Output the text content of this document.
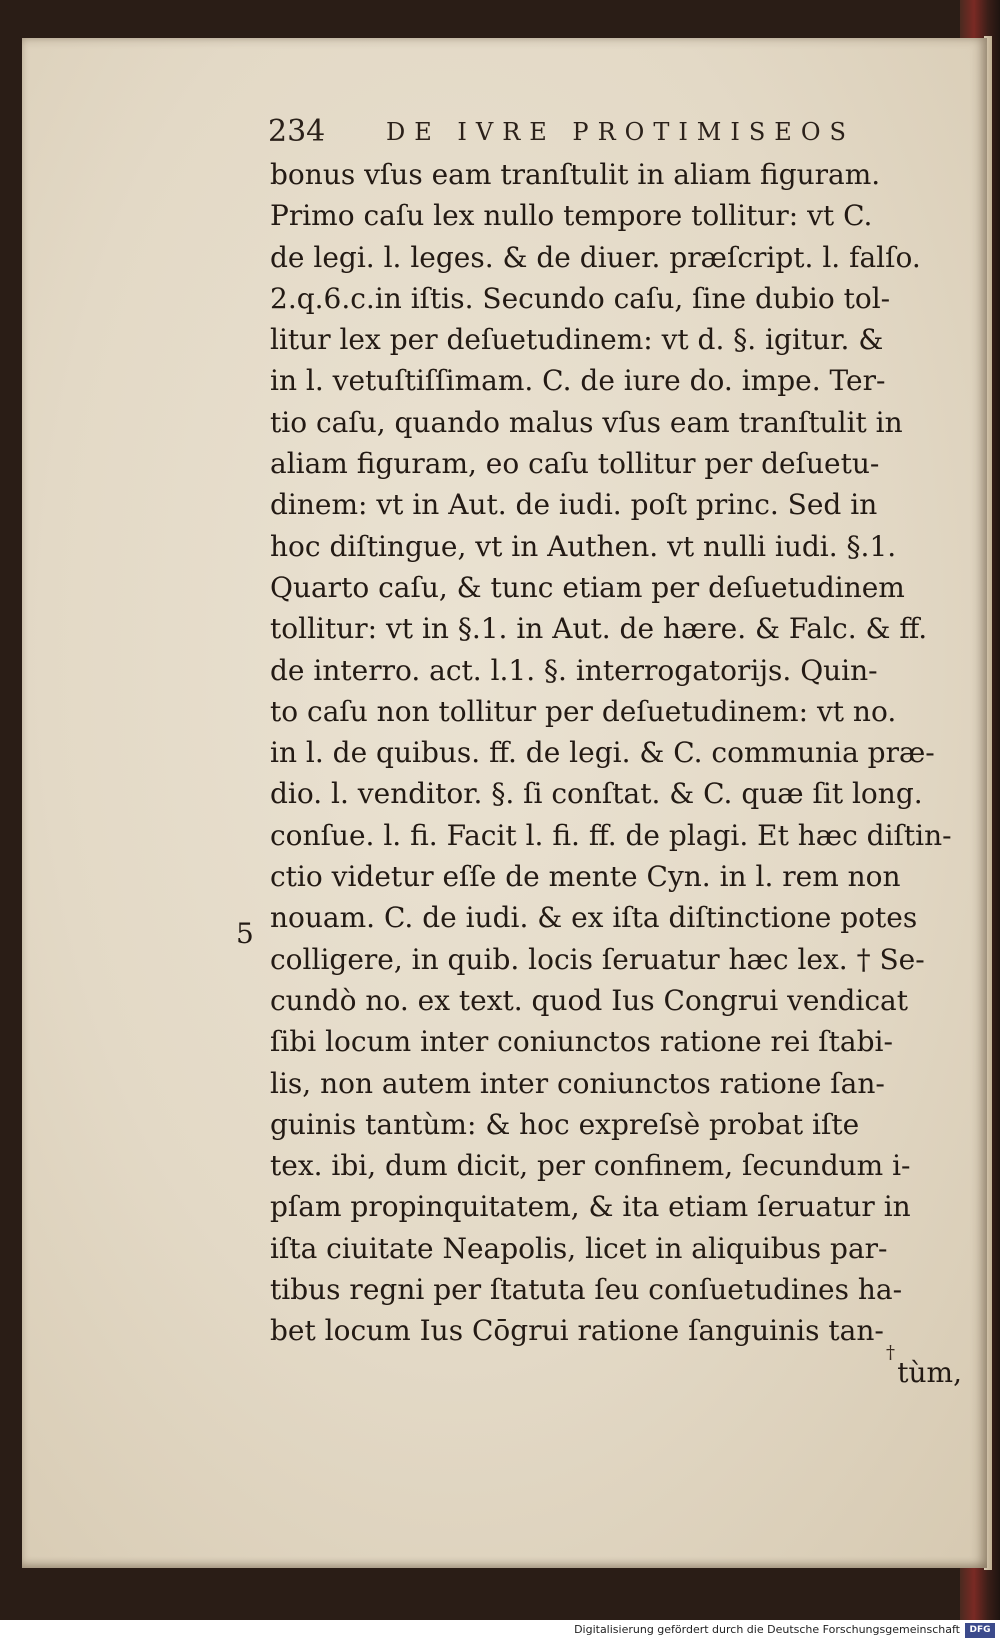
234	DE IVRE PROTIMISEOS
5
bonus vſus eam tranſtulit in aliam figuram.
Primo caſu lex nullo tempore tollitur: vt C.
de legi. l. leges. & de diuer. præſcript. l. falſo.
2.q.6.c.in iſtis. Secundo caſu, ſine dubio tol-
litur lex per deſuetudinem: vt d. §. igitur. &
in l. vetuſtiſſimam. C. de iure do. impe. Ter-
tio caſu, quando malus vſus eam tranſtulit in
aliam figuram, eo caſu tollitur per deſuetu-
dinem: vt in Aut. de iudi. poſt princ. Sed in
hoc diſtingue, vt in Authen. vt nulli iudi. §.1.
Quarto caſu, & tunc etiam per deſuetudinem
tollitur: vt in §.1. in Aut. de hære. & Falc. & ff.
de interro. act. l.1. §. interrogatorijs. Quin-
to caſu non tollitur per deſuetudinem: vt no.
in l. de quibus. ff. de legi. & C. communia præ-
dio. l. venditor. §. ſi conſtat. & C. quæ ſit long.
conſue. l. fi. Facit l. fi. ff. de plagi. Et hæc diſtin-
ctio videtur eſſe de mente Cyn. in l. rem non
nouam. C. de iudi. & ex iſta diſtinctione potes
colligere, in quib. locis ſeruatur hæc lex. † Se-
cundò no. ex text. quod Ius Congrui vendicat
ſibi locum inter coniunctos ratione rei ſtabi-
lis, non autem inter coniunctos ratione ſan-
guinis tantùm: & hoc expreſsè probat iſte
tex. ibi, dum dicit, per confinem, ſecundum i-
pſam propinquitatem, & ita etiam ſeruatur in
iſta ciuitate Neapolis, licet in aliquibus par-
tibus regni per ſtatuta ſeu conſuetudines ha-
bet locum Ius Cōgrui ratione ſanguinis tan-
tùm,
†
Digitalisierung gefördert durch die Deutsche Forschungsgemeinschaft	DFG
